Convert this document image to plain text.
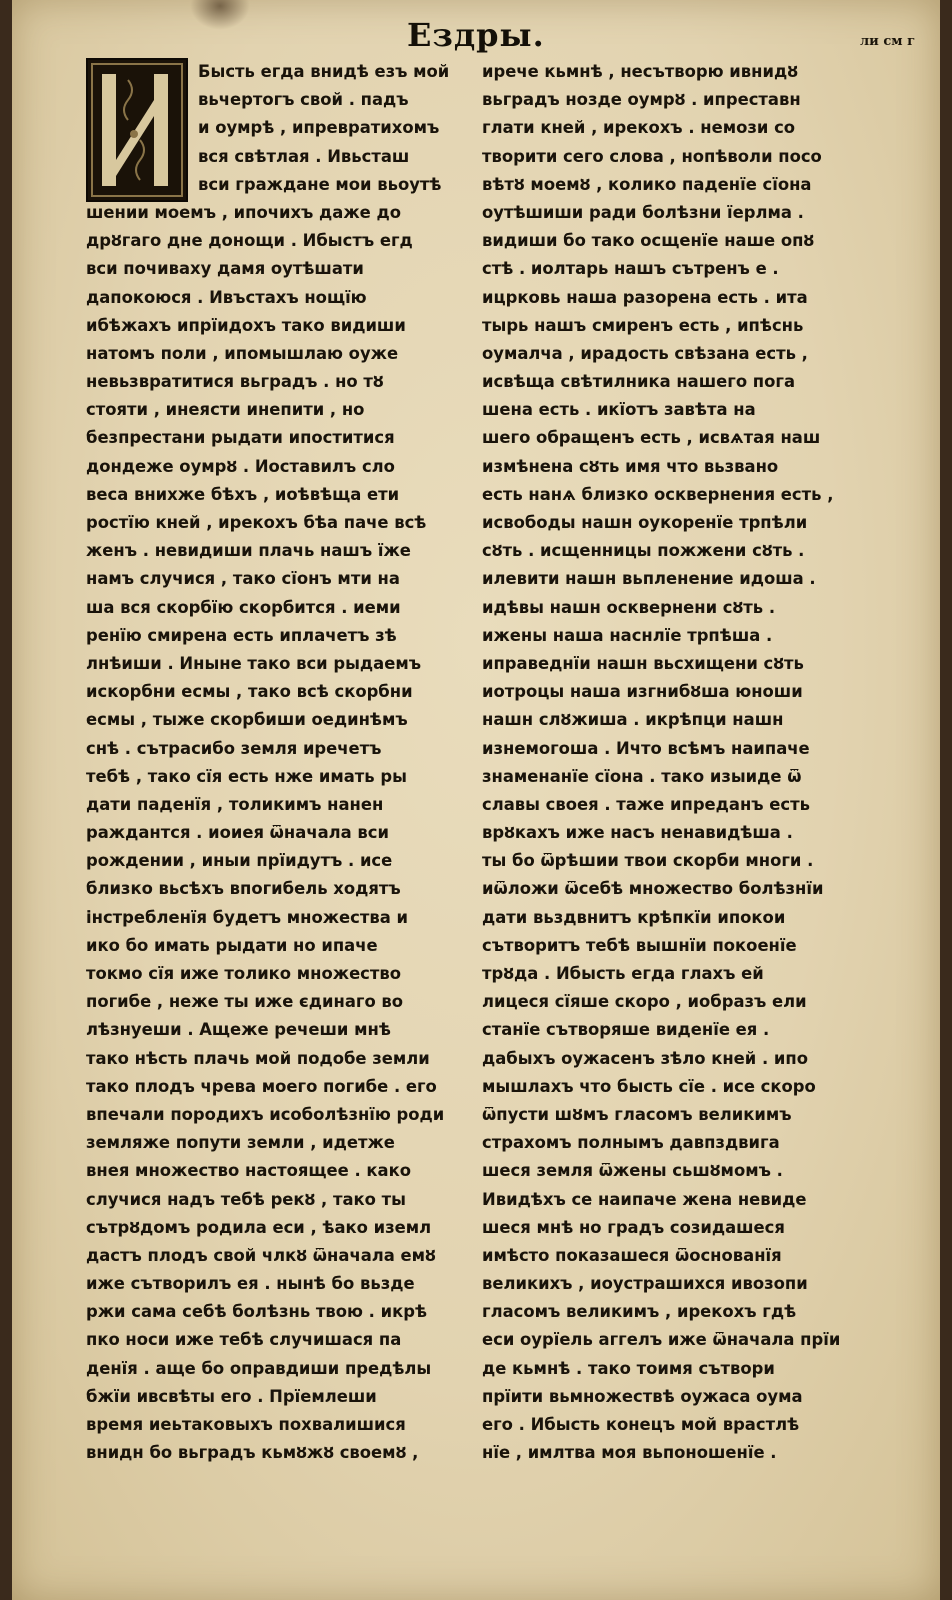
Ездры.	ли см г
Бысть егда внидѣ езъ мой
вьчертогъ свой . падъ
и оумрѣ , ипревратихомъ
вся свѣтлая . Ивьсташ
вси граждане мои вьоутѣ
шении моемъ , ипочихъ даже до
дрȣгаго дне донощи . Ибыстъ егд
вси почиваху дамя оутѣшати
дапокоюся . Ивъстахъ нощїю
ибѣжахъ ипрїидохъ тако видиши
натомъ поли , ипомышлаю оуже
невьзвратитися вьградъ . но тȣ
стояти , инеясти инепити , но
безпрестани рыдати ипоститися
дондеже оумрȣ . Иоставилъ сло
веса внихже бѣхъ , иоѣвѣща ети
ростїю кней , ирекохъ бѣа паче всѣ
женъ . невидиши плачь нашъ їже
намъ случися , тако сїонъ мти на
ша вся скорбїю скорбится . иеми
ренїю смирена есть иплачетъ зѣ
лнѣиши . Иныне тако вси рыдаемъ
искорбни есмы , тако всѣ скорбни
есмы , тыже скорбиши оединѣмъ
снѣ . сътрасибо земля иречетъ
тебѣ , тако сїя есть нже имать ры
дати паденїя , толикимъ нанен
раждантся . иоиея ѿначала вси
рождении , иныи прїидутъ . исе
близко вьсѣхъ впогибель ходятъ
інстребленїя будетъ множества и
ико бо имать рыдати но ипаче
токмо сїя иже толико множество
погибе , неже ты иже єдинаго во
лѣзнуеши . Ащеже речеши мнѣ
тако нѣсть плачь мой подобе земли
тако плодъ чрева моего погибе . его
впечали породихъ исоболѣзнїю роди
земляже попути земли , идетже
внея множество настоящее . како
случися надъ тебѣ рекȣ , тако ты
сътрȣдомъ родила еси , ѣако иземл
дастъ плодъ свой члкȣ ѿначала емȣ
иже сътворилъ ея . нынѣ бо вьзде
ржи сама себѣ болѣзнь твою . икрѣ
пко носи иже тебѣ случишася па
денїя . аще бо оправдиши предѣлы
бжїи ивсвѣты его . Прїемлеши
время иеьтаковыхъ похвалишися
внидн бо вьградъ кьмȣжȣ своемȣ ,
ирече кьмнѣ , несътворю ивнидȣ
вьградъ нозде оумрȣ . ипреставн
глати кней , ирекохъ . немози со
творити сего слова , нопѣволи посо
вѣтȣ моемȣ , колико паденїе сїона
оутѣшиши ради болѣзни їерлма .
видиши бо тако осщенїе наше опȣ
стѣ . иолтарь нашъ сътренъ е .
ицрковь наша разорена есть . ита
тырь нашъ смиренъ есть , ипѣснь
оумалча , ирадость свѣзана есть ,
исвѣща свѣтилника нашего пога
шена есть . икїотъ завѣта на
шего обращенъ есть , исвѧтая наш
измѣнена сȣть имя что вьзвано
есть нанѧ близко осквернения есть ,
исвободы нашн оукоренїе трпѣли
сȣть . исщенницы пожжени сȣть .
илевити нашн вьпленение идоша .
идѣвы нашн осквернени сȣть .
ижены наша наснлїе трпѣша .
иправеднїи нашн вьсхищени сȣть
иотроцы наша изгнибȣша юноши
нашн слȣжиша . икрѣпци нашн
изнемогоша . Ичто всѣмъ наипаче
знаменанїе сїона . тако изыиде ѿ
славы своея . таже ипреданъ есть
врȣкахъ иже насъ ненавидѣша .
ты бо ѿрѣшии твои скорби многи .
иѿложи ѿсебѣ множество болѣзнїи
дати вьздвнитъ крѣпкїи ипокои
сътворитъ тебѣ вышнїи покоенїе
трȣда . Ибысть егда глахъ ей
лицеся сїяше скоро , иобразъ ели
станїе сътворяше виденїе ея .
дабыхъ оужасенъ зѣло кней . ипо
мышлахъ что бысть сїе . исе скоро
ѿпусти шȣмъ гласомъ великимъ
страхомъ полнымъ давпздвига
шеся земля ѿжены сьшȣмомъ .
Ивидѣхъ се наипаче жена невиде
шеся мнѣ но градъ созидашеся
имѣсто показашеся ѿоснованїя
великихъ , иоустрашихся ивозопи
гласомъ великимъ , ирекохъ гдѣ
еси оурїель аггелъ иже ѿначала прїи
де кьмнѣ . тако тоимя сътвори
прїити вьмножествѣ оужаса оума
его . Ибысть конецъ мой врастлѣ
нїе , имлтва моя вьпоношенїе .
